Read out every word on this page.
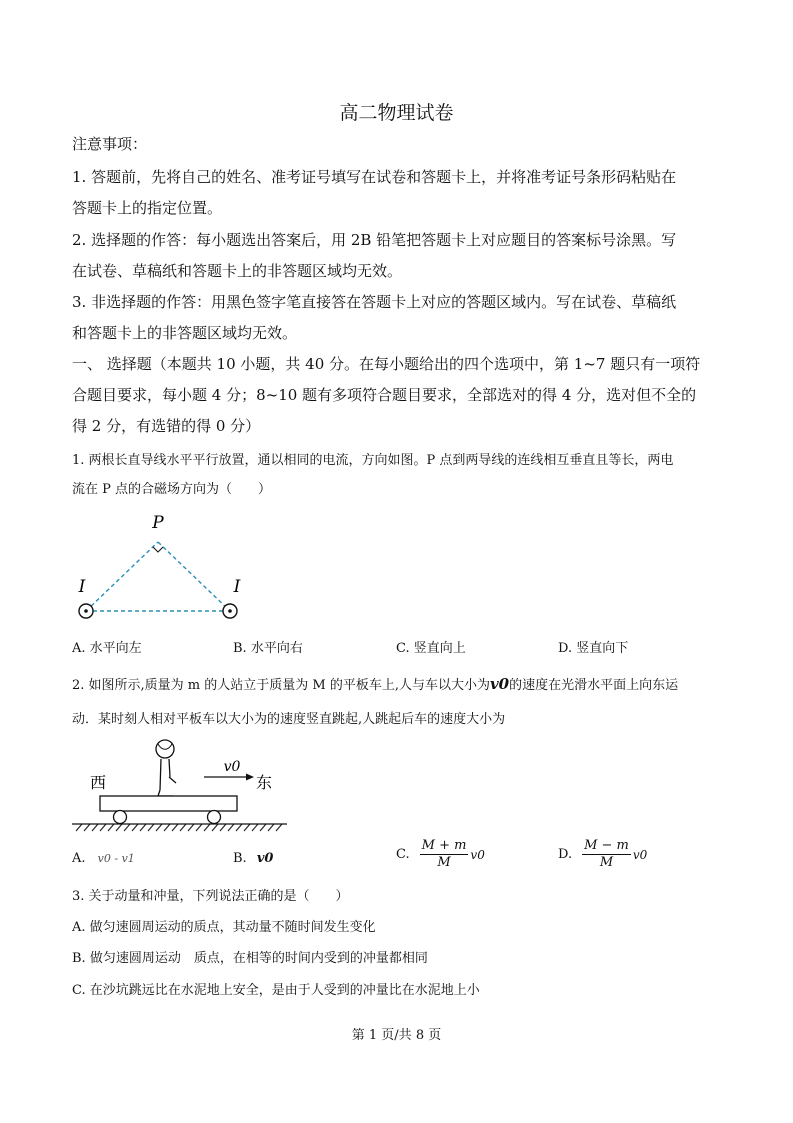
高二物理试卷
注意事项：
1. 答题前，先将自己的姓名、准考证号填写在试卷和答题卡上，并将准考证号条形码粘贴在
答题卡上的指定位置。
2. 选择题的作答：每小题选出答案后，用 2B 铅笔把答题卡上对应题目的答案标号涂黑。写
在试卷、草稿纸和答题卡上的非答题区域均无效。
3. 非选择题的作答：用黑色签字笔直接答在答题卡上对应的答题区域内。写在试卷、草稿纸
和答题卡上的非答题区域均无效。
一、 选择题（本题共 10 小题，共 40 分。在每小题给出的四个选项中，第 1~7 题只有一项符
合题目要求，每小题 4 分；8~10 题有多项符合题目要求，全部选对的得 4 分，选对但不全的
得 2 分，有选错的得 0 分）
1. 两根长直导线水平平行放置，通以相同的电流，方向如图。P 点到两导线的连线相互垂直且等长，两电
流在 P 点的合磁场方向为（　　）
P
I	I
A. 水平向左	B. 水平向右	C. 竖直向上	D. 竖直向下
2. 如图所示,质量为 m 的人站立于质量为 M 的平板车上,人与车以大小为v0的速度在光滑水平面上向东运
动．某时刻人相对平板车以大小为的速度竖直跳起,人跳起后车的速度大小为
v0
西	东
A. v0 - v1	B. v0	C. $\frac{M + m}{M} v0$	D. $\frac{M - m}{M} v0$
3. 关于动量和冲量，下列说法正确的是（　　）
A. 做匀速圆周运动的质点，其动量不随时间发生变化
B. 做匀速圆周运动　质点，在相等的时间内受到的冲量都相同
C. 在沙坑跳远比在水泥地上安全，是由于人受到的冲量比在水泥地上小
第 1 页/共 8 页
